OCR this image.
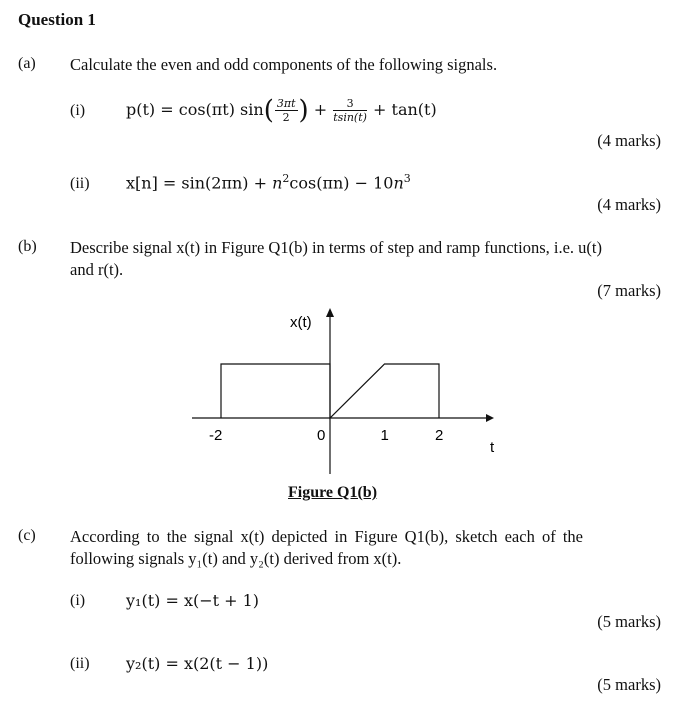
Question 1
(a) Calculate the even and odd components of the following signals.
(i)	p(t) = cos(πt) $\sin( \frac{3\pi t}{2}$ ) + $\frac{3}{tsin(t)} + \tan(t)$
(4 marks)
(ii) $x[n] = \sin(2\pi n) + n^2\cos(\pi n) - 10n^3$
(4 marks)
(b) Describe signal x(t) in Figure Q1(b) in terms of step and ramp functions, i.e. u(t)
and r(t).
(7 marks)
-2	0	1	2
x(t)
t
Figure Q1(b)
(c) According to the signal x(t) depicted in Figure Q1(b), sketch each of the
following signals y₁(t) and y₂(t) derived from x(t).
(i)	y₁(t) = x(−t + 1)
(5 marks)
(ii) y₂(t) = x(2(t − 1))
(5 marks)
